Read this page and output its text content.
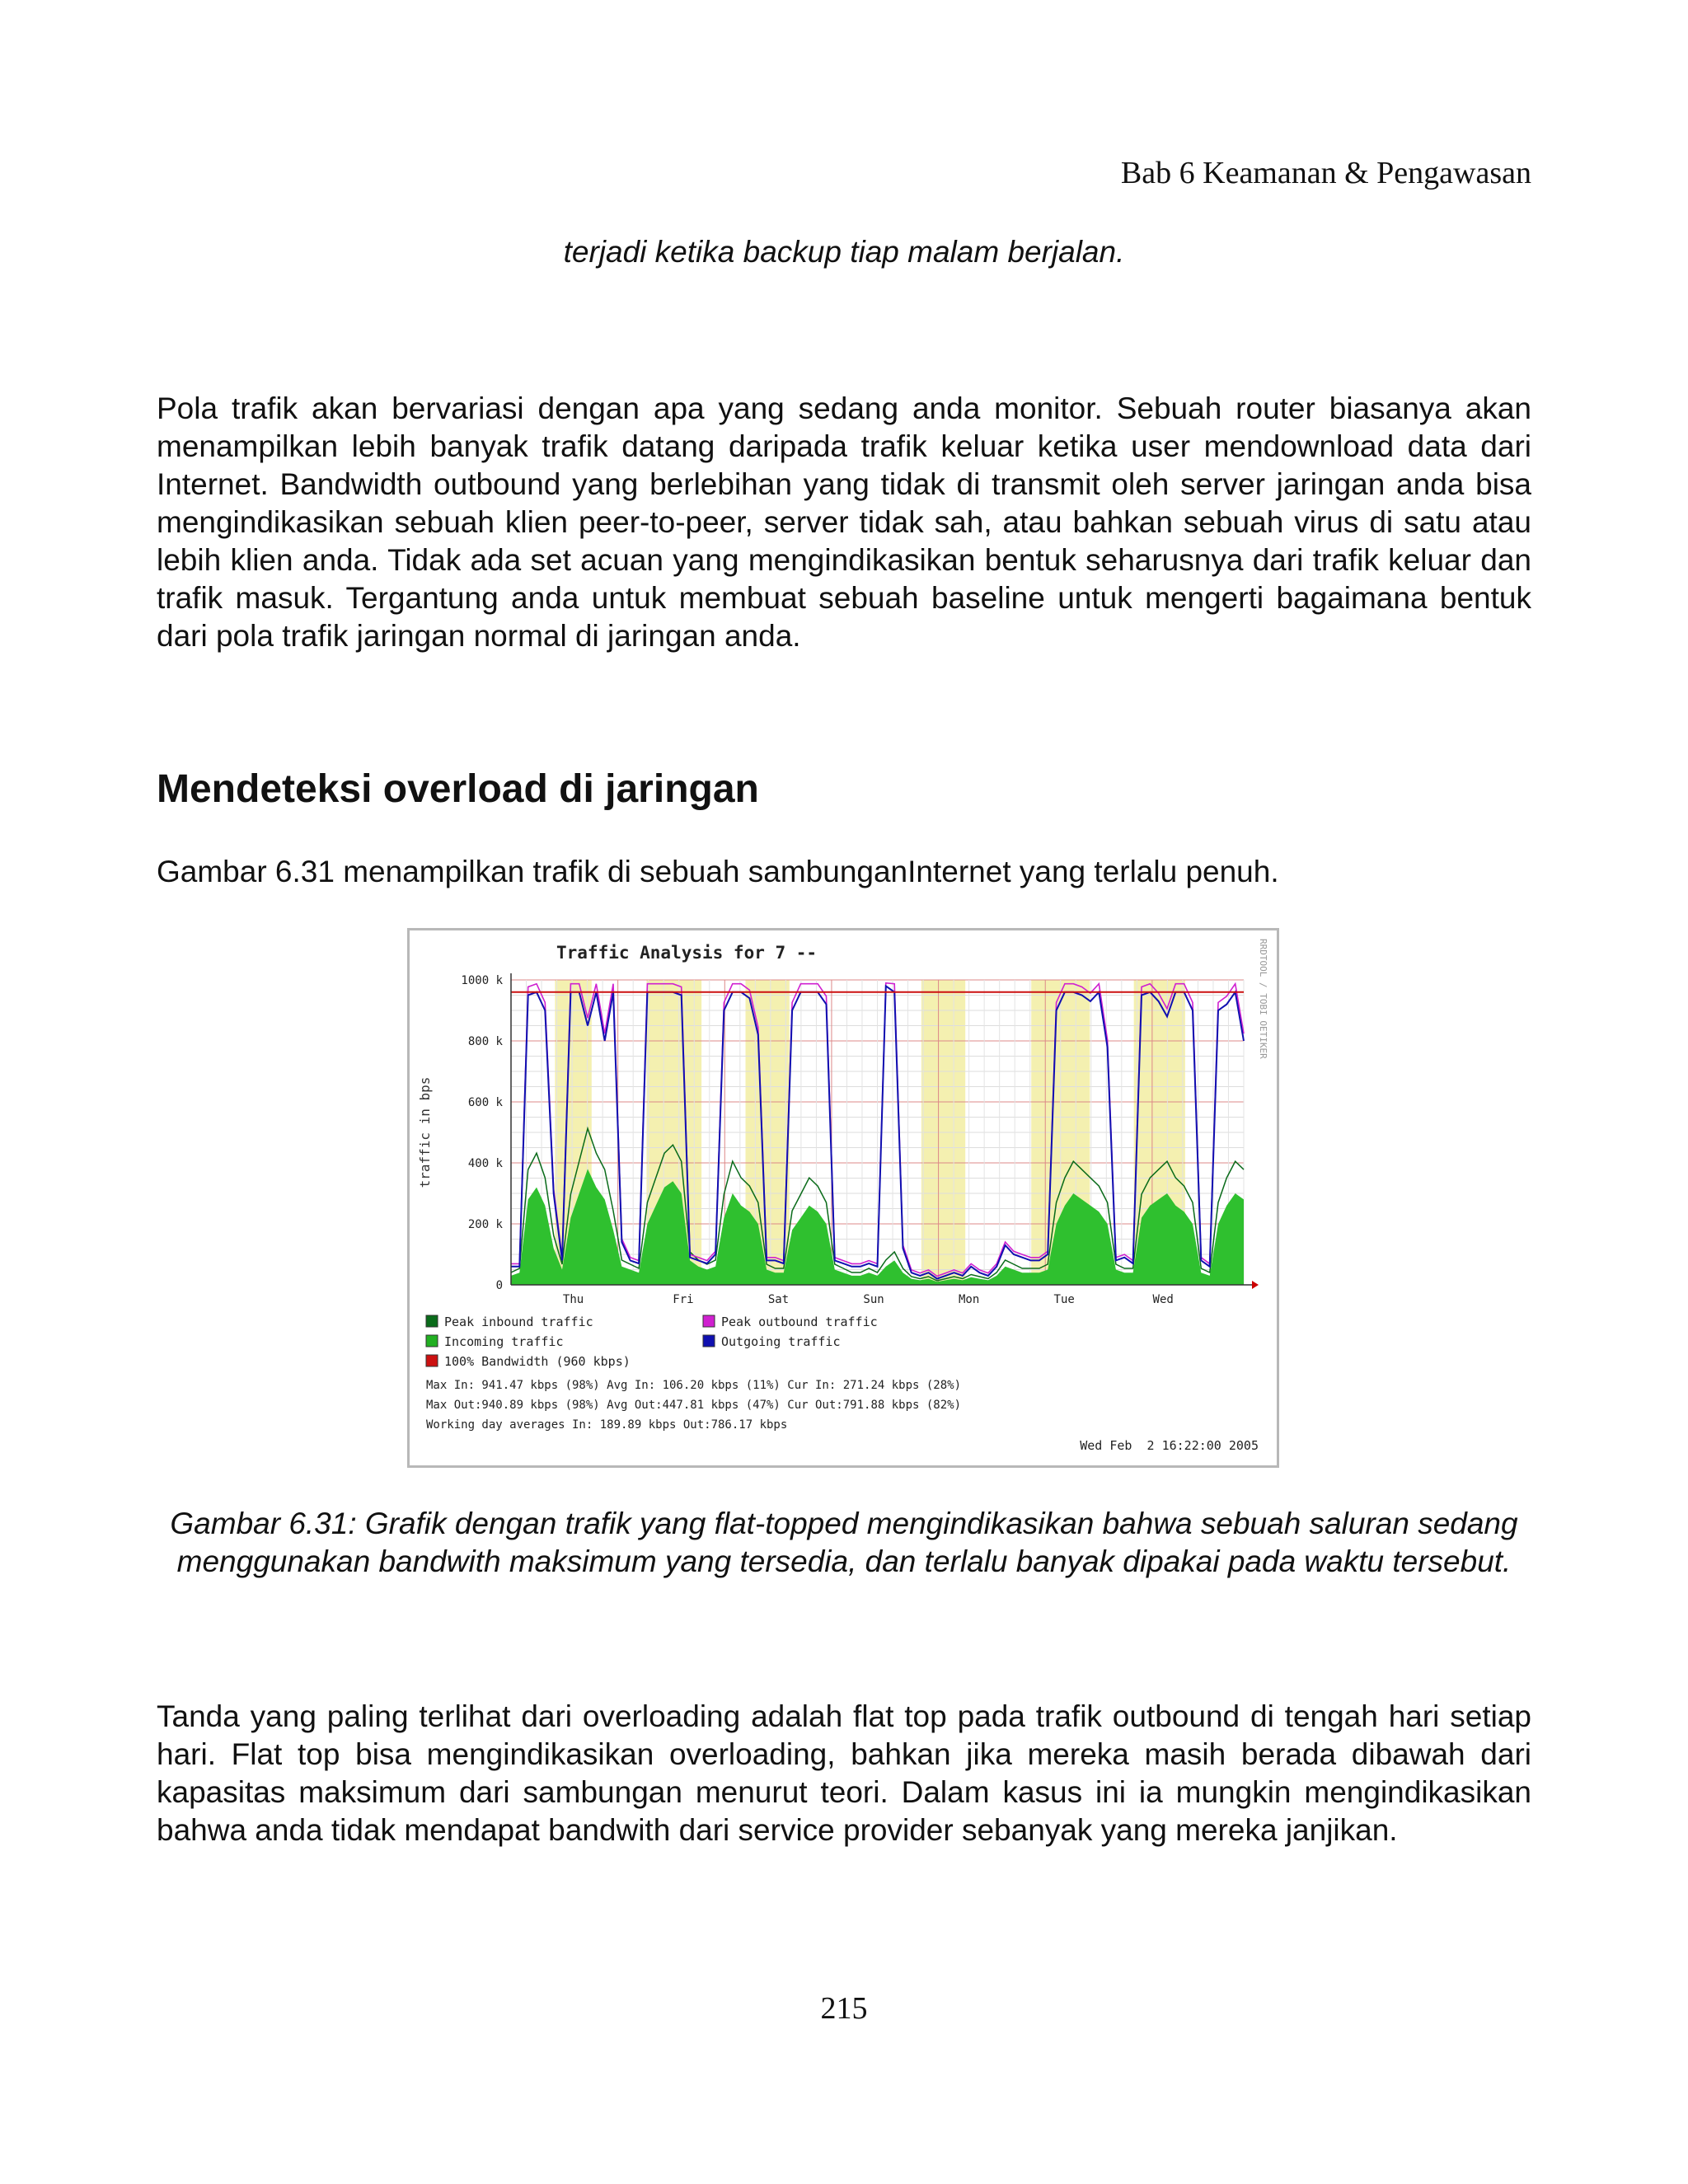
Bab 6 Keamanan & Pengawasan
terjadi ketika backup tiap malam berjalan.

Pola trafik akan bervariasi dengan apa yang sedang anda monitor. Sebuah router biasanya akan menampilkan lebih banyak trafik datang daripada trafik keluar ketika user mendownload data dari Internet. Bandwidth outbound yang berlebihan yang tidak di transmit oleh server jaringan anda bisa mengindikasikan sebuah klien peer-to-peer, server tidak sah, atau bahkan sebuah virus di satu atau lebih klien anda. Tidak ada set acuan yang mengindikasikan bentuk seharusnya dari trafik keluar dan trafik masuk. Tergantung anda untuk membuat sebuah baseline untuk mengerti bagaimana bentuk dari pola trafik jaringan normal di jaringan anda.

Mendeteksi overload di jaringan
Gambar 6.31 menampilkan trafik di sebuah sambunganInternet yang terlalu penuh.
Traffic Analysis for 7 --
traffic in bps
RRDTOOL / TOBI OETIKER
1000 k
800 k
600 k
400 k
200 k
0
Thu	Fri	Sat	Sun	Mon	Tue	Wed
Peak inbound traffic
Incoming traffic
100% Bandwidth (960 kbps)
Peak outbound traffic
Outgoing traffic
Max In: 941.47 kbps (98%) Avg In: 106.20 kbps (11%) Cur In: 271.24 kbps (28%)
Max Out:940.89 kbps (98%) Avg Out:447.81 kbps (47%) Cur Out:791.88 kbps (82%)
Working day averages In: 189.89 kbps Out:786.17 kbps
Wed Feb  2 16:22:00 2005

Gambar 6.31: Grafik dengan trafik yang flat-topped mengindikasikan bahwa sebuah saluran sedang menggunakan bandwith maksimum yang tersedia, dan terlalu banyak dipakai pada waktu tersebut.

Tanda yang paling terlihat dari overloading adalah flat top pada trafik outbound di tengah hari setiap hari. Flat top bisa mengindikasikan overloading, bahkan jika mereka masih berada dibawah dari kapasitas maksimum dari sambungan menurut teori. Dalam kasus ini ia mungkin mengindikasikan bahwa anda tidak mendapat bandwith dari service provider sebanyak yang mereka janjikan.

215
